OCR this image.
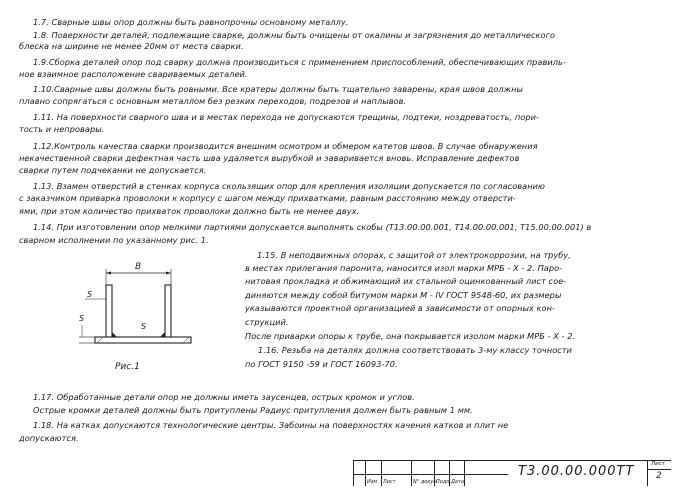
1.7. Сварные швы опор должны быть равнопрочны основному металлу.
1.8. Поверхности деталей, подлежащие сварке, должны быть очищены от окалины и загрязнения до металлического
блеска на ширине не менее 20мм от места сварки.
1.9.Сборка деталей опор под сварку должна производиться с применением приспособлений, обеспечивающих правиль-
ное взаимное расположение свариваемых деталей.
1.10.Сварные швы должны быть ровными. Все кратеры должны быть тщательно заварены, края швов должны
плавно сопрягаться с основным металлом без резких переходов, подрезов и наплывов.
1.11. На поверхности сварного шва и в местах перехода не допускаются трещины, подтеки, ноздреватость, пори-
тость и непровары.
1.12.Контроль качества сварки производится внешним осмотром и обмером катетов швов. В случае обнаружения
некачественной сварки дефектная часть шва удаляется вырубкой и заваривается вновь. Исправление дефектов
сварки путем подчеканки не допускается.
1.13. Взамен отверстий в стенках корпуса скользящих опор для крепления изоляции допускается по согласованию
с заказчиком приварка проволоки к корпусу с шагом между прихватками, равным расстоянию между отверсти-
ями, при этом количество прихваток проволоки должно быть не менее двух.
1.14. При изготовлении опор мелкими партиями допускается выполнять скобы (Т13.00.00.001, Т14.00.00.001, Т15.00.00.001) в
сварном исполнении по указанному рис. 1.
1.15. В неподвижных опорах, с защитой от электрокоррозии, на трубу,
в местах прилегания паронита, наносится изол марки МРБ - Х - 2. Паро-
нитовая прокладка и обжимающий их стальной оцинкованный лист сое-
диняются между собой битумом марки М - IV ГОСТ 9548-60, их размеры
указываются проектной организацией в зависимости от опорных кон-
струкций.
После приварки опоры к трубе, она покрывается изолом марки МРБ - Х - 2.
1.16. Резьба на деталях должна соответствовать 3-му классу точности
по ГОСТ 9150 -59 и ГОСТ 16093-70.
1.17. Обработанные детали опор не должны иметь заусенцев, острых кромок и углов.
Острые кромки деталей должны быть притуплены Радиус притупления должен быть равным 1 мм.
1.18. На катках допускаются технологические центры. Забоины на поверхностях качения катков и плит не
допускаются.
В
S
S
S
Рис.1
Изм Лист	N° докум.
Подп. Дата
Т3.00.00.000ТТ	Лист
2
